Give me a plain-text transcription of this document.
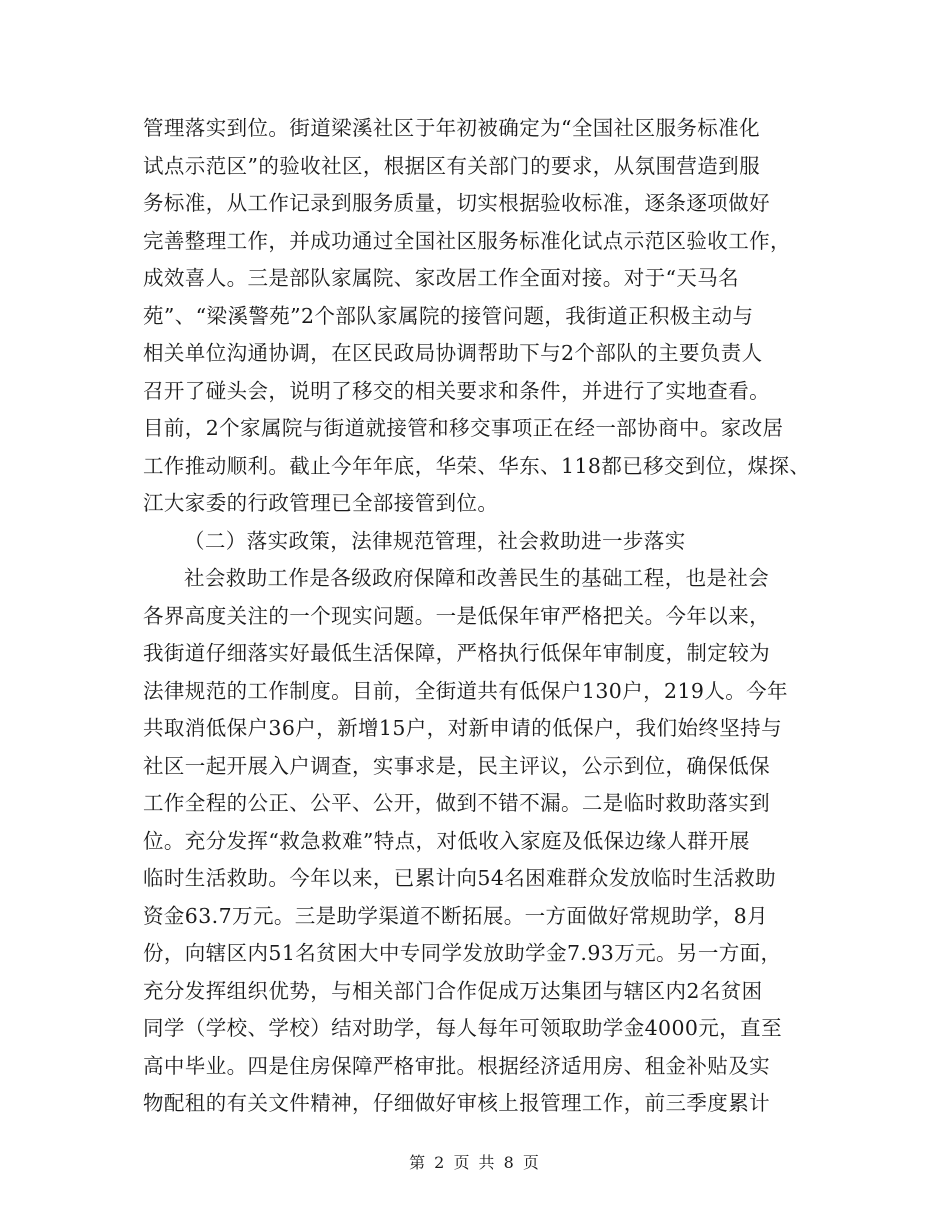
管理落实到位。街道梁溪社区于年初被确定为“全国社区服务标准化
试点示范区”的验收社区，根据区有关部门的要求，从氛围营造到服
务标准，从工作记录到服务质量，切实根据验收标准，逐条逐项做好
完善整理工作，并成功通过全国社区服务标准化试点示范区验收工作，
成效喜人。三是部队家属院、家改居工作全面对接。对于“天马名
苑”、“梁溪警苑”2个部队家属院的接管问题，我街道正积极主动与
相关单位沟通协调，在区民政局协调帮助下与2个部队的主要负责人
召开了碰头会，说明了移交的相关要求和条件，并进行了实地查看。
目前，2个家属院与街道就接管和移交事项正在经一部协商中。家改居
工作推动顺利。截止今年年底，华荣、华东、118都已移交到位，煤探、
江大家委的行政管理已全部接管到位。
（二）落实政策，法律规范管理，社会救助进一步落实
社会救助工作是各级政府保障和改善民生的基础工程，也是社会
各界高度关注的一个现实问题。一是低保年审严格把关。今年以来，
我街道仔细落实好最低生活保障，严格执行低保年审制度，制定较为
法律规范的工作制度。目前，全街道共有低保户130户，219人。今年
共取消低保户36户，新增15户，对新申请的低保户，我们始终坚持与
社区一起开展入户调查，实事求是，民主评议，公示到位，确保低保
工作全程的公正、公平、公开，做到不错不漏。二是临时救助落实到
位。充分发挥“救急救难”特点，对低收入家庭及低保边缘人群开展
临时生活救助。今年以来，已累计向54名困难群众发放临时生活救助
资金63.7万元。三是助学渠道不断拓展。一方面做好常规助学，8月
份，向辖区内51名贫困大中专同学发放助学金7.93万元。另一方面，
充分发挥组织优势，与相关部门合作促成万达集团与辖区内2名贫困
同学（学校、学校）结对助学，每人每年可领取助学金4000元，直至
高中毕业。四是住房保障严格审批。根据经济适用房、租金补贴及实
物配租的有关文件精神，仔细做好审核上报管理工作，前三季度累计
第 2 页 共 8 页
